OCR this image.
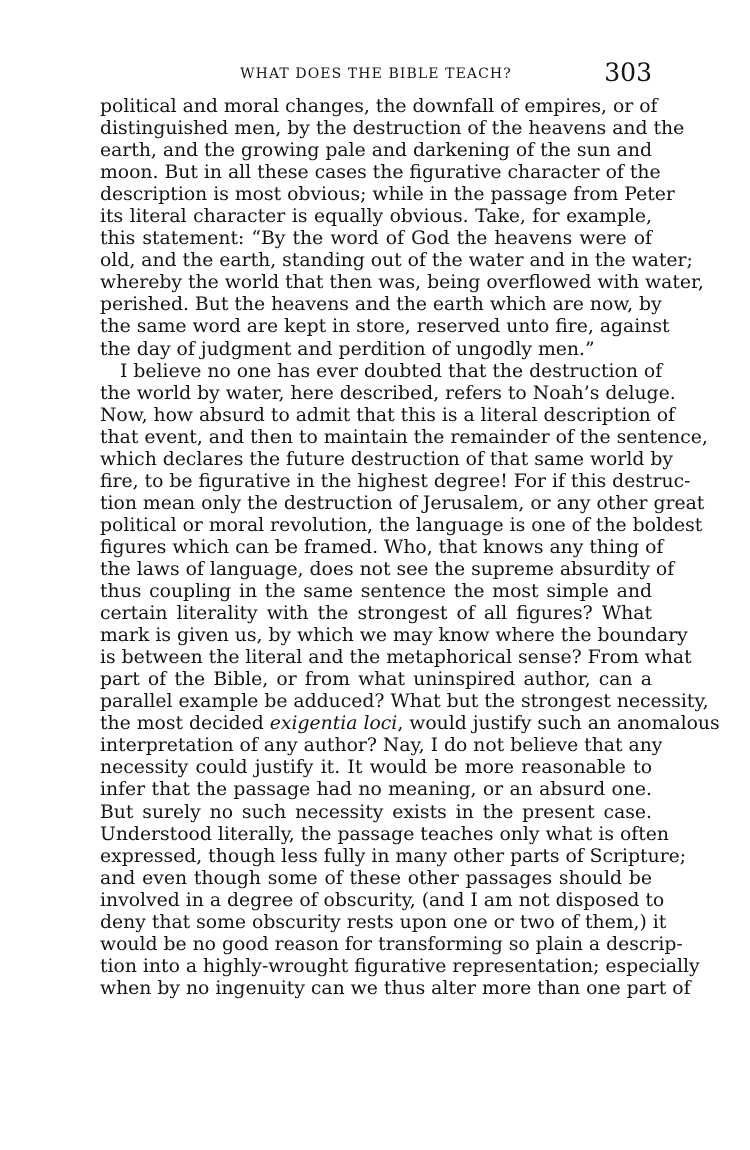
WHAT DOES THE BIBLE TEACH?	303
political and moral changes, the downfall of empires, or of
distinguished men, by the destruction of the heavens and the
earth, and the growing pale and darkening of the sun and
moon. But in all these cases the figurative character of the
description is most obvious; while in the passage from Peter
its literal character is equally obvious. Take, for example,
this statement: “By the word of God the heavens were of
old, and the earth, standing out of the water and in the water;
whereby the world that then was, being overflowed with water,
perished. But the heavens and the earth which are now, by
the same word are kept in store, reserved unto fire, against
the day of judgment and perdition of ungodly men.”
I believe no one has ever doubted that the destruction of
the world by water, here described, refers to Noah’s deluge.
Now, how absurd to admit that this is a literal description of
that event, and then to maintain the remainder of the sentence,
which declares the future destruction of that same world by
fire, to be figurative in the highest degree! For if this destruc-
tion mean only the destruction of Jerusalem, or any other great
political or moral revolution, the language is one of the boldest
figures which can be framed. Who, that knows any thing of
the laws of language, does not see the supreme absurdity of
thus coupling in the same sentence the most simple and
certain literality with the strongest of all figures? What
mark is given us, by which we may know where the boundary
is between the literal and the metaphorical sense? From what
part of the Bible, or from what uninspired author, can a
parallel example be adduced? What but the strongest necessity,
the most decided exigentia loci, would justify such an anomalous
interpretation of any author? Nay, I do not believe that any
necessity could justify it. It would be more reasonable to
infer that the passage had no meaning, or an absurd one.
But surely no such necessity exists in the present case.
Understood literally, the passage teaches only what is often
expressed, though less fully in many other parts of Scripture;
and even though some of these other passages should be
involved in a degree of obscurity, (and I am not disposed to
deny that some obscurity rests upon one or two of them,) it
would be no good reason for transforming so plain a descrip-
tion into a highly-wrought figurative representation; especially
when by no ingenuity can we thus alter more than one part of
